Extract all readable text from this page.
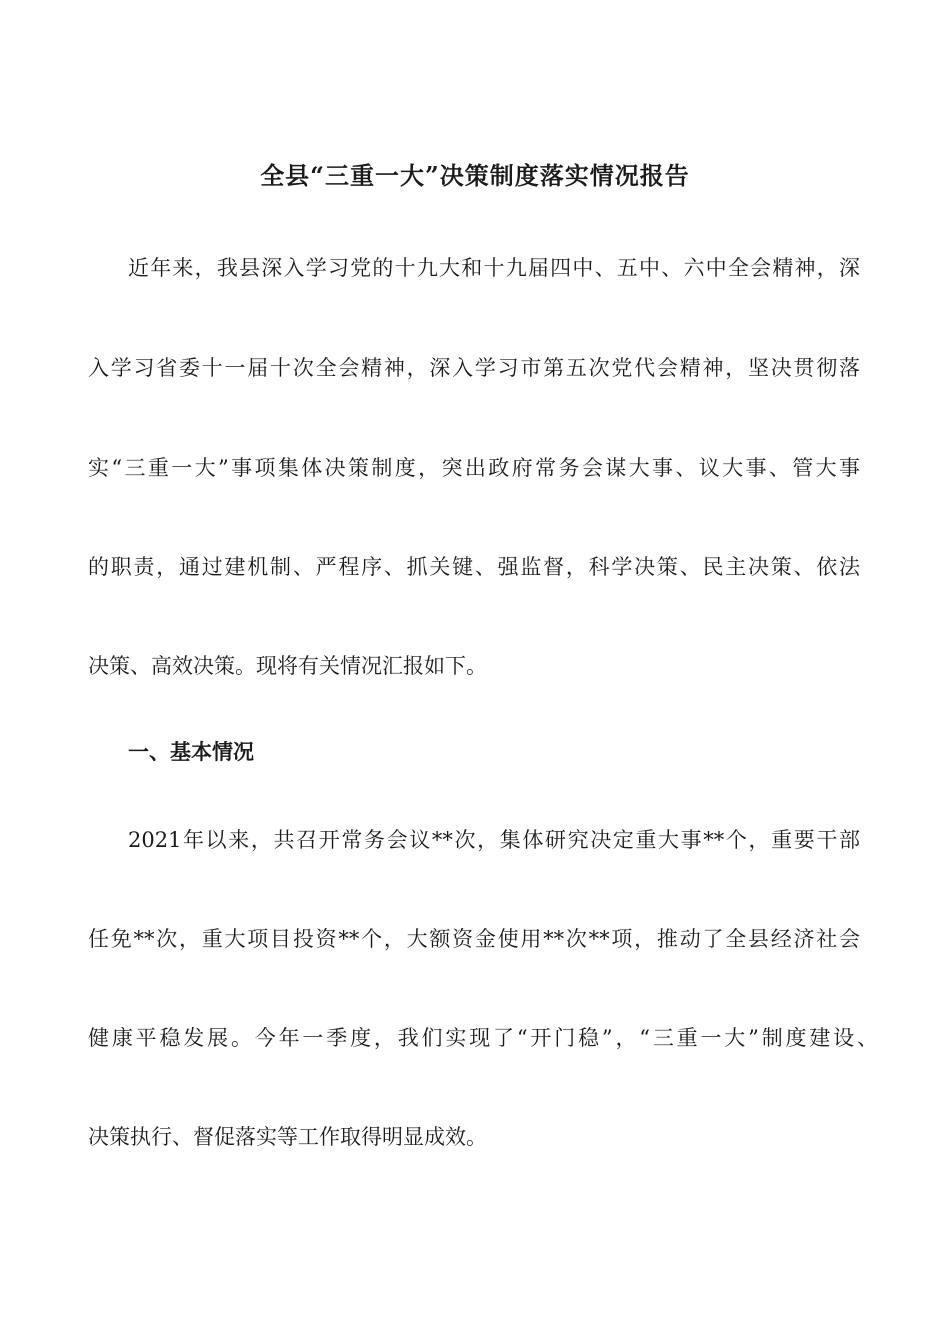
全县“三重一大”决策制度落实情况报告
近年来，我县深入学习党的十九大和十九届四中、五中、六中全会精神，深
入学习省委十一届十次全会精神，深入学习市第五次党代会精神，坚决贯彻落
实“三重一大”事项集体决策制度，突出政府常务会谋大事、议大事、管大事
的职责，通过建机制、严程序、抓关键、强监督，科学决策、民主决策、依法
决策、高效决策。现将有关情况汇报如下。
一、基本情况
2021年以来，共召开常务会议**次，集体研究决定重大事**个，重要干部
任免**次，重大项目投资**个，大额资金使用**次**项，推动了全县经济社会
健康平稳发展。今年一季度，我们实现了“开门稳”，“三重一大”制度建设、
决策执行、督促落实等工作取得明显成效。
